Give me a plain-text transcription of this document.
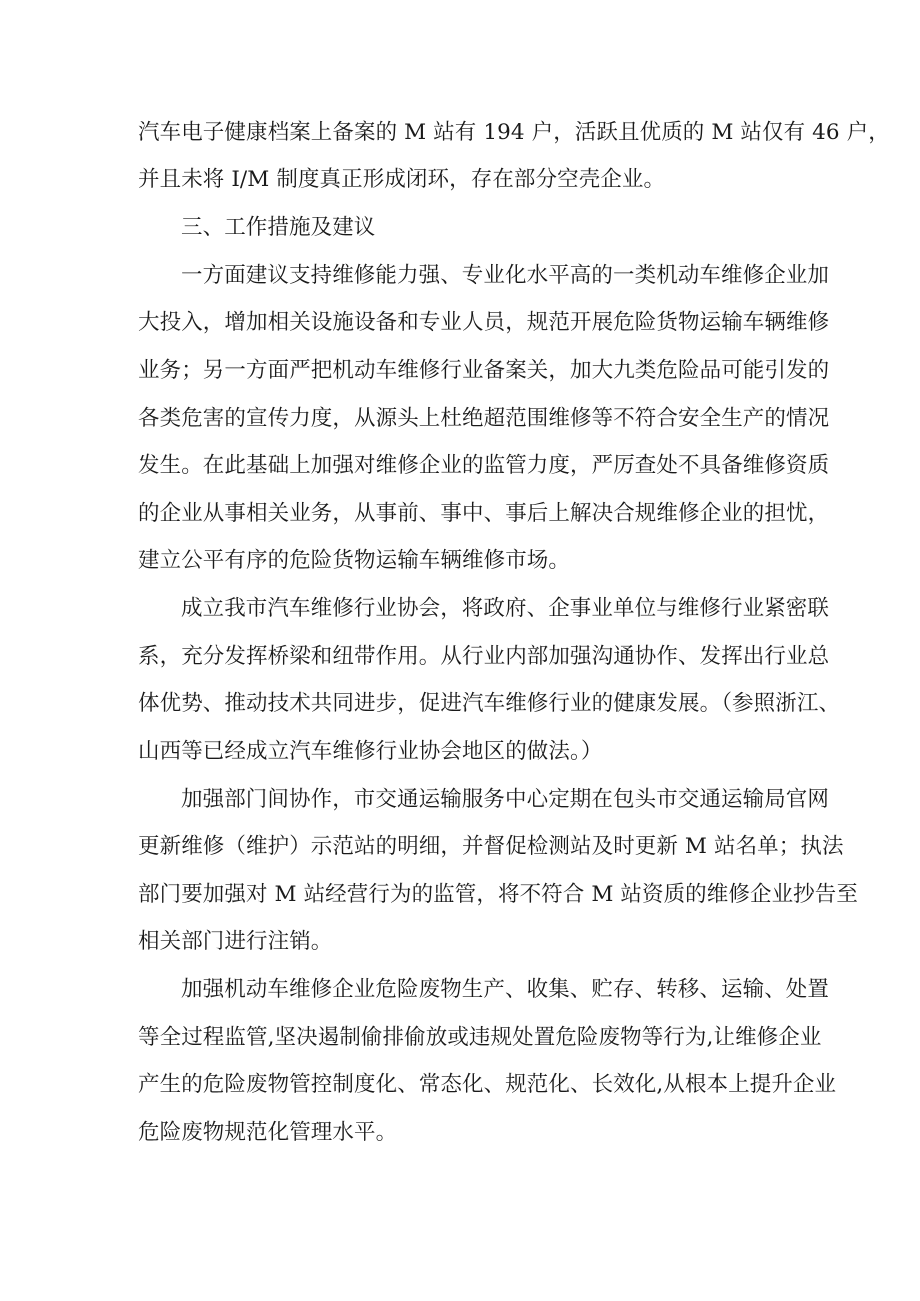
汽车电子健康档案上备案的 M 站有 194 户，活跃且优质的 M 站仅有 46 户，
并且未将 I/M 制度真正形成闭环，存在部分空壳企业。
三、工作措施及建议
一方面建议支持维修能力强、专业化水平高的一类机动车维修企业加
大投入，增加相关设施设备和专业人员，规范开展危险货物运输车辆维修
业务；另一方面严把机动车维修行业备案关，加大九类危险品可能引发的
各类危害的宣传力度，从源头上杜绝超范围维修等不符合安全生产的情况
发生。在此基础上加强对维修企业的监管力度，严厉查处不具备维修资质
的企业从事相关业务，从事前、事中、事后上解决合规维修企业的担忧，
建立公平有序的危险货物运输车辆维修市场。
成立我市汽车维修行业协会，将政府、企事业单位与维修行业紧密联
系，充分发挥桥梁和纽带作用。从行业内部加强沟通协作、发挥出行业总
体优势、推动技术共同进步，促进汽车维修行业的健康发展。（参照浙江、
山西等已经成立汽车维修行业协会地区的做法。）
加强部门间协作，市交通运输服务中心定期在包头市交通运输局官网
更新维修（维护）示范站的明细，并督促检测站及时更新 M 站名单；执法
部门要加强对 M 站经营行为的监管，将不符合 M 站资质的维修企业抄告至
相关部门进行注销。
加强机动车维修企业危险废物生产、收集、贮存、转移、运输、处置
等全过程监管,坚决遏制偷排偷放或违规处置危险废物等行为,让维修企业
产生的危险废物管控制度化、常态化、规范化、长效化,从根本上提升企业
危险废物规范化管理水平。
